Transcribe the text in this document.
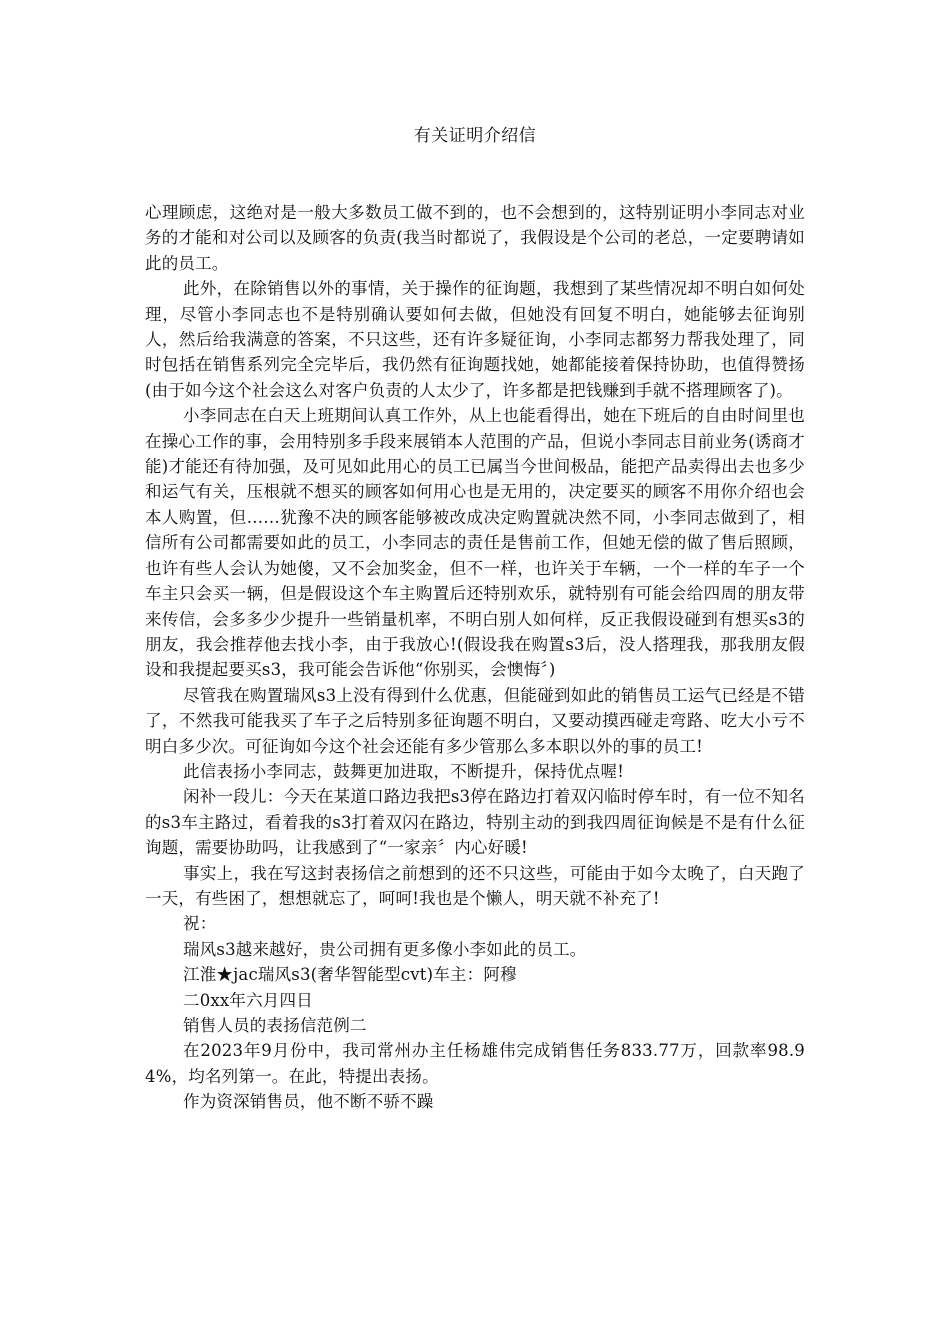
有关证明介绍信

心理顾虑，这绝对是一般大多数员工做不到的，也不会想到的，这特别证明小李同志对业务的才能和对公司以及顾客的负责(我当时都说了，我假设是个公司的老总，一定要聘请如此的员工。

此外，在除销售以外的事情，关于操作的征询题，我想到了某些情况却不明白如何处理，尽管小李同志也不是特别确认要如何去做，但她没有回复不明白，她能够去征询别人，然后给我满意的答案，不只这些，还有许多疑征询，小李同志都努力帮我处理了，同时包括在销售系列完全完毕后，我仍然有征询题找她，她都能接着保持协助，也值得赞扬(由于如今这个社会这么对客户负责的人太少了，许多都是把钱赚到手就不搭理顾客了)。

小李同志在白天上班期间认真工作外，从上也能看得出，她在下班后的自由时间里也在操心工作的事，会用特别多手段来展销本人范围的产品，但说小李同志目前业务(诱商才能)才能还有待加强，及可见如此用心的员工已属当今世间极品，能把产品卖得出去也多少和运气有关，压根就不想买的顾客如何用心也是无用的，决定要买的顾客不用你介绍也会本人购置，但……犹豫不决的顾客能够被改成决定购置就决然不同，小李同志做到了，相信所有公司都需要如此的员工，小李同志的责任是售前工作，但她无偿的做了售后照顾，也许有些人会认为她傻，又不会加奖金，但不一样，也许关于车辆，一个一样的车子一个车主只会买一辆，但是假设这个车主购置后还特别欢乐，就特别有可能会给四周的朋友带来传信，会多多少少提升一些销量机率，不明白别人如何样，反正我假设碰到有想买s3的朋友，我会推荐他去找小李，由于我放心!(假设我在购置s3后，没人搭理我，那我朋友假设和我提起要买s3，我可能会告诉他“你别买，会懊悔〞)

尽管我在购置瑞风s3上没有得到什么优惠，但能碰到如此的销售员工运气已经是不错了，不然我可能我买了车子之后特别多征询题不明白，又要动摸西碰走弯路、吃大小亏不明白多少次。可征询如今这个社会还能有多少管那么多本职以外的事的员工!

此信表扬小李同志，鼓舞更加进取，不断提升，保持优点喔!

闲补一段儿：今天在某道口路边我把s3停在路边打着双闪临时停车时，有一位不知名的s3车主路过，看着我的s3打着双闪在路边，特别主动的到我四周征询候是不是有什么征询题，需要协助吗，让我感到了“一家亲〞内心好暖!

事实上，我在写这封表扬信之前想到的还不只这些，可能由于如今太晚了，白天跑了一天，有些困了，想想就忘了，呵呵!我也是个懒人，明天就不补充了!

祝：

瑞风s3越来越好，贵公司拥有更多像小李如此的员工。

江淮★jac瑞风s3(奢华智能型cvt)车主：阿穆

二0xx年六月四日

销售人员的表扬信范例二

在2023年9月份中，我司常州办主任杨雄伟完成销售任务833.77万，回款率98.94%，均名列第一。在此，特提出表扬。

作为资深销售员，他不断不骄不躁
